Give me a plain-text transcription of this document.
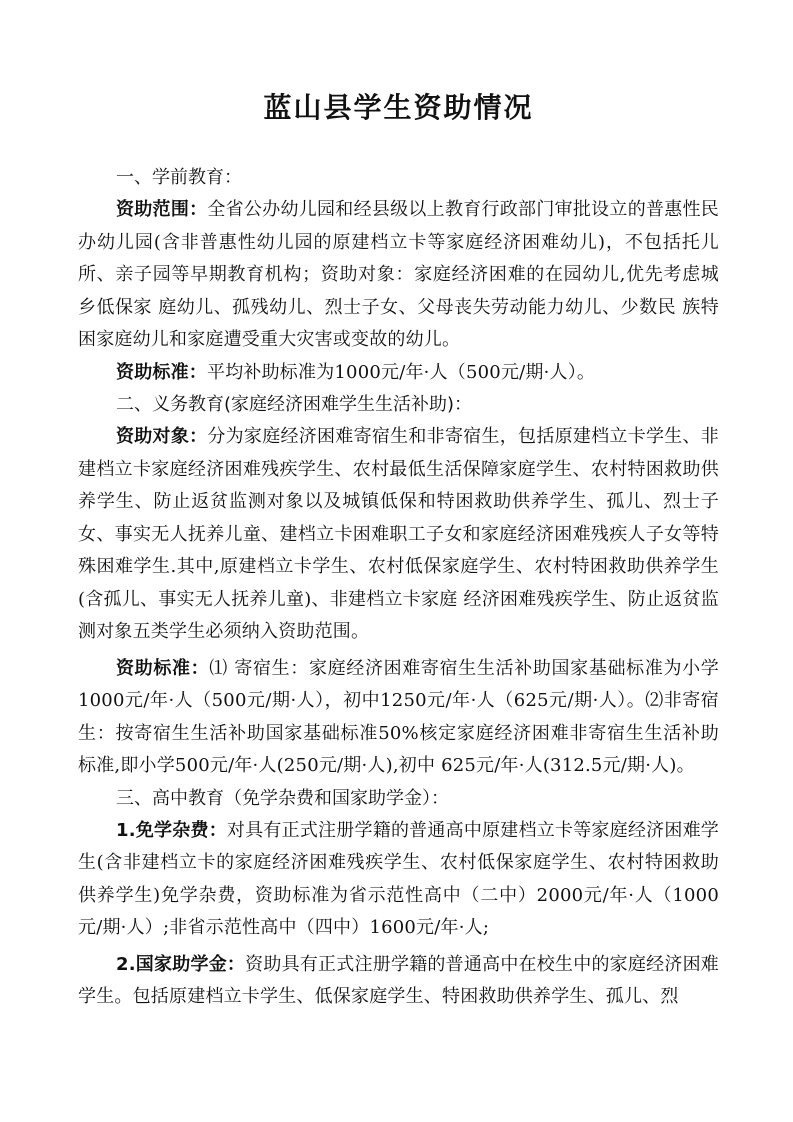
蓝山县学生资助情况

一、学前教育：

资助范围：全省公办幼儿园和经县级以上教育行政部门审批设立的普惠性民办幼儿园(含非普惠性幼儿园的原建档立卡等家庭经济困难幼儿)，不包括托儿所、亲子园等早期教育机构；资助对象：家庭经济困难的在园幼儿,优先考虑城乡低保家 庭幼儿、孤残幼儿、烈士子女、父母丧失劳动能力幼儿、少数民 族特困家庭幼儿和家庭遭受重大灾害或变故的幼儿。

资助标准：平均补助标准为1000元/年·人（500元/期·人）。

二、义务教育(家庭经济困难学生生活补助)：

资助对象：分为家庭经济困难寄宿生和非寄宿生，包括原建档立卡学生、非建档立卡家庭经济困难残疾学生、农村最低生活保障家庭学生、农村特困救助供养学生、防止返贫监测对象以及城镇低保和特困救助供养学生、孤儿、烈士子女、事实无人抚养儿童、建档立卡困难职工子女和家庭经济困难残疾人子女等特殊困难学生.其中,原建档立卡学生、农村低保家庭学生、农村特困救助供养学生(含孤儿、事实无人抚养儿童)、非建档立卡家庭 经济困难残疾学生、防止返贫监测对象五类学生必须纳入资助范围。

资助标准：⑴ 寄宿生：家庭经济困难寄宿生生活补助国家基础标准为小学1000元/年·人（500元/期·人），初中1250元/年·人（625元/期·人）。⑵非寄宿生：按寄宿生生活补助国家基础标准50%核定家庭经济困难非寄宿生生活补助标准,即小学500元/年·人(250元/期·人),初中 625元/年·人(312.5元/期·人)。

三、高中教育（免学杂费和国家助学金）：

1.免学杂费：对具有正式注册学籍的普通高中原建档立卡等家庭经济困难学生(含非建档立卡的家庭经济困难残疾学生、农村低保家庭学生、农村特困救助供养学生)免学杂费，资助标准为省示范性高中（二中）2000元/年·人（1000元/期·人）;非省示范性高中（四中）1600元/年·人;

2.国家助学金：资助具有正式注册学籍的普通高中在校生中的家庭经济困难学生。包括原建档立卡学生、低保家庭学生、特困救助供养学生、孤儿、烈
